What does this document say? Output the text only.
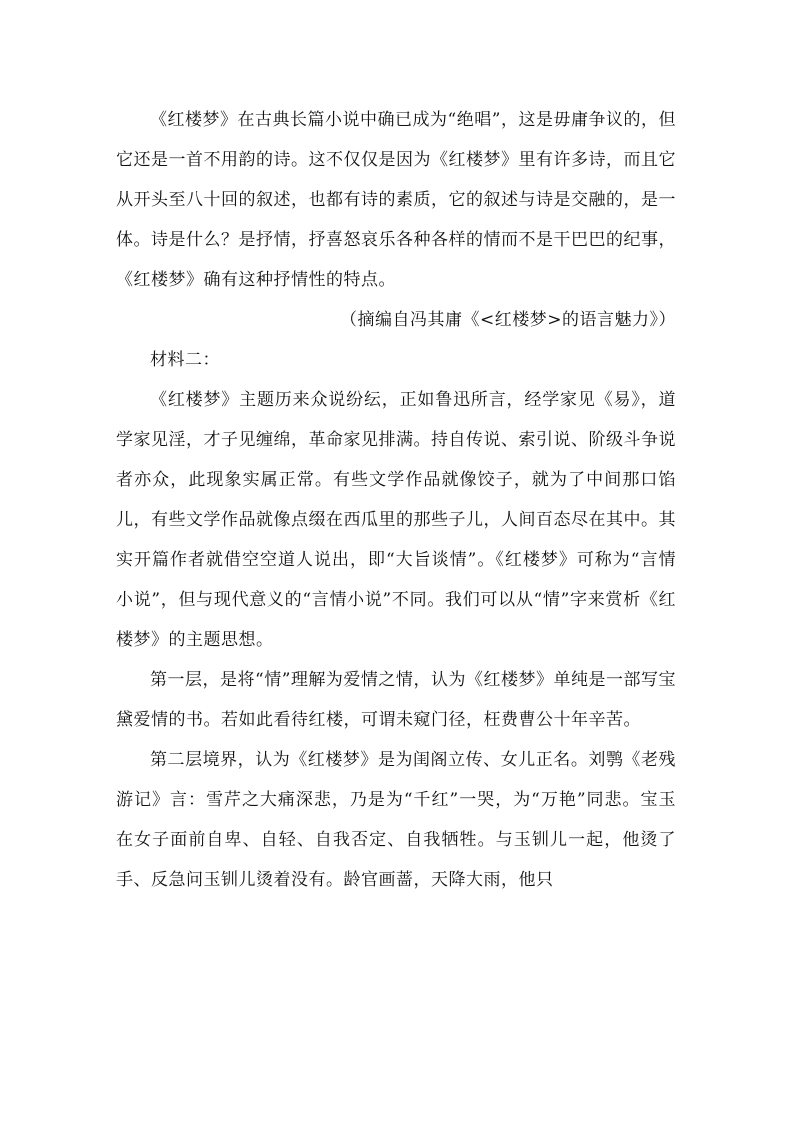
《红楼梦》在古典长篇小说中确已成为“绝唱”，这是毋庸争议的，但它还是一首不用韵的诗。这不仅仅是因为《红楼梦》里有许多诗，而且它从开头至八十回的叙述，也都有诗的素质，它的叙述与诗是交融的，是一体。诗是什么？是抒情，抒喜怒哀乐各种各样的情而不是干巴巴的纪事，《红楼梦》确有这种抒情性的特点。

（摘编自冯其庸《<红楼梦>的语言魅力》）

材料二：

《红楼梦》主题历来众说纷纭，正如鲁迅所言，经学家见《易》，道学家见淫，才子见缠绵，革命家见排满。持自传说、索引说、阶级斗争说者亦众，此现象实属正常。有些文学作品就像饺子，就为了中间那口馅儿，有些文学作品就像点缀在西瓜里的那些子儿，人间百态尽在其中。其实开篇作者就借空空道人说出，即“大旨谈情”。《红楼梦》可称为“言情小说”，但与现代意义的“言情小说”不同。我们可以从“情”字来赏析《红楼梦》的主题思想。

第一层，是将“情”理解为爱情之情，认为《红楼梦》单纯是一部写宝黛爱情的书。若如此看待红楼，可谓未窥门径，枉费曹公十年辛苦。

第二层境界，认为《红楼梦》是为闺阁立传、女儿正名。刘鹗《老残游记》言：雪芹之大痛深悲，乃是为“千红”一哭，为“万艳”同悲。宝玉在女子面前自卑、自轻、自我否定、自我牺牲。与玉钏儿一起，他烫了手、反急问玉钏儿烫着没有。龄官画蔷，天降大雨，他只
